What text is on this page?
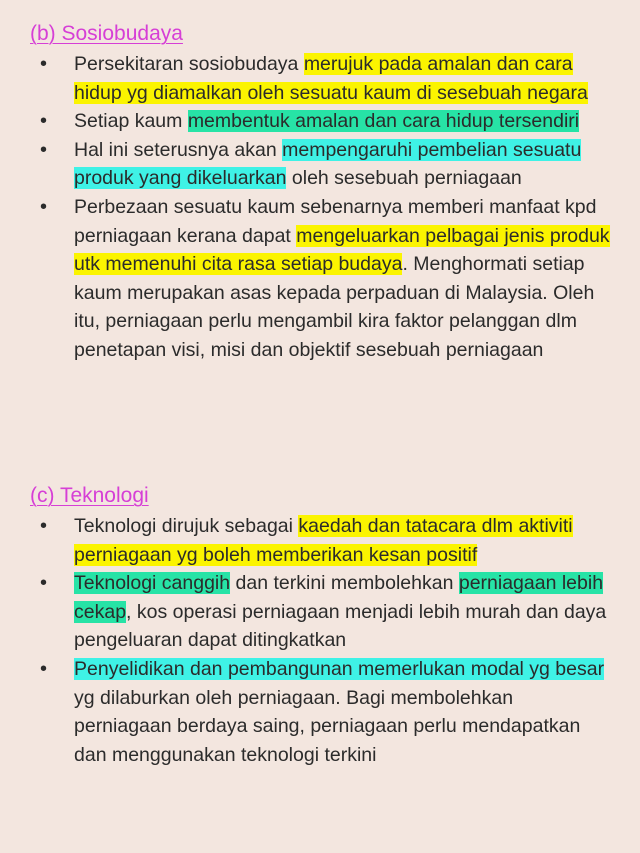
(b) Sosiobudaya
• Persekitaran sosiobudaya merujuk pada amalan dan cara hidup yg diamalkan oleh sesuatu kaum di sesebuah negara
• Setiap kaum membentuk amalan dan cara hidup tersendiri
• Hal ini seterusnya akan mempengaruhi pembelian sesuatu produk yang dikeluarkan oleh sesebuah perniagaan
• Perbezaan sesuatu kaum sebenarnya memberi manfaat kpd perniagaan kerana dapat mengeluarkan pelbagai jenis produk utk memenuhi cita rasa setiap budaya. Menghormati setiap kaum merupakan asas kepada perpaduan di Malaysia. Oleh itu, perniagaan perlu mengambil kira faktor pelanggan dlm penetapan visi, misi dan objektif sesebuah perniagaan
(c) Teknologi
• Teknologi dirujuk sebagai kaedah dan tatacara dlm aktiviti perniagaan yg boleh memberikan kesan positif
• Teknologi canggih dan terkini membolehkan perniagaan lebih cekap, kos operasi perniagaan menjadi lebih murah dan daya pengeluaran dapat ditingkatkan
• Penyelidikan dan pembangunan memerlukan modal yg besar yg dilaburkan oleh perniagaan. Bagi membolehkan perniagaan berdaya saing, perniagaan perlu mendapatkan dan menggunakan teknologi terkini
